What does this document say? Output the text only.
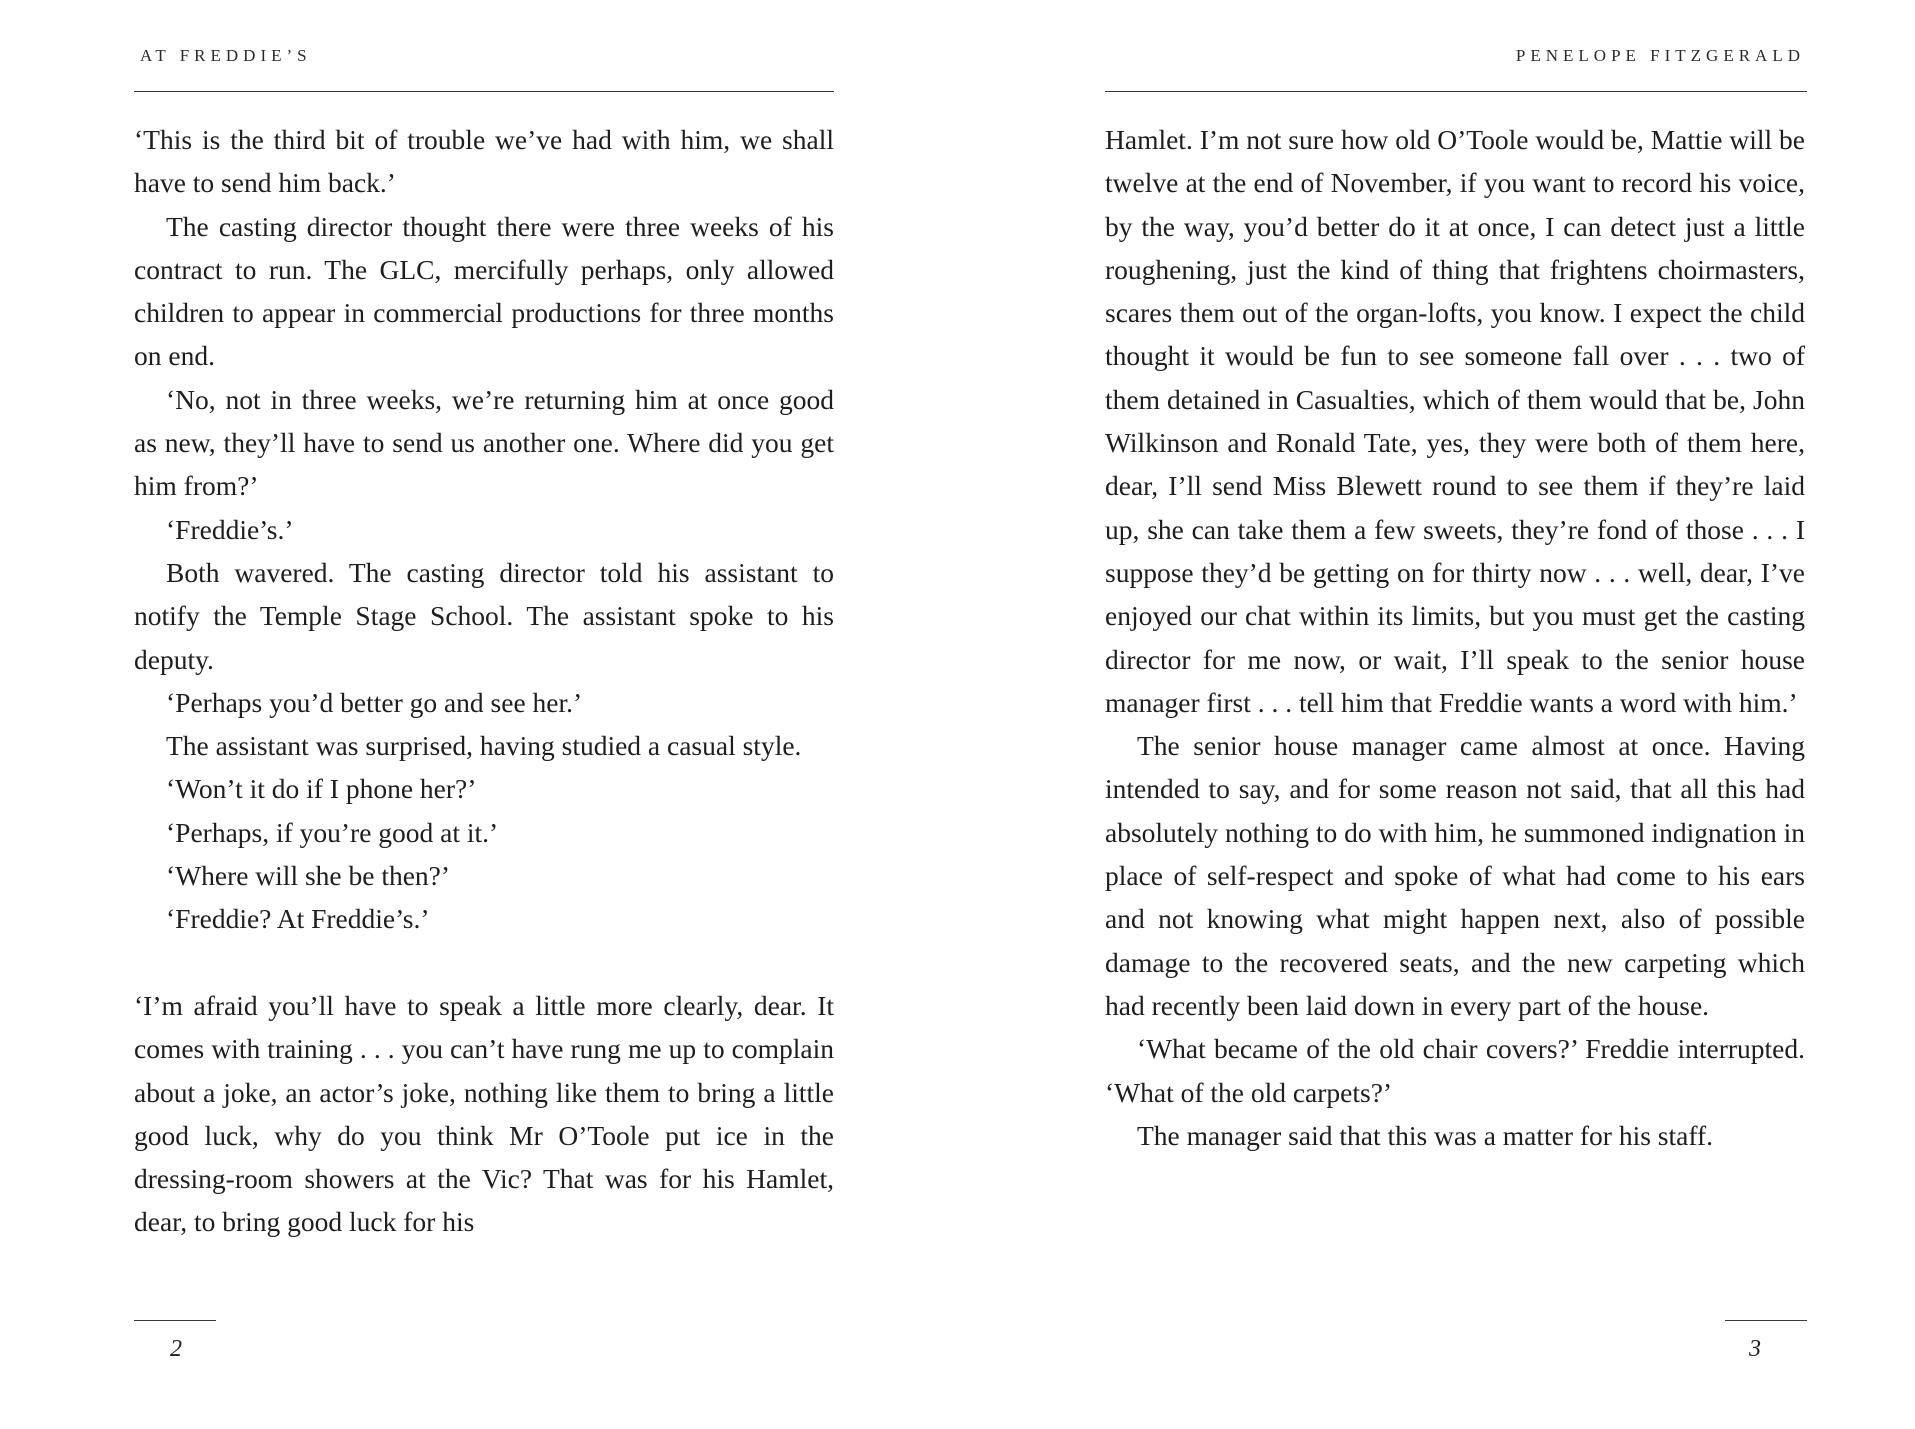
AT FREDDIE’S

‘This is the third bit of trouble we’ve had with him, we shall have to send him back.’

The casting director thought there were three weeks of his contract to run. The GLC, mercifully perhaps, only allowed children to appear in commercial productions for three months on end.

‘No, not in three weeks, we’re returning him at once good as new, they’ll have to send us another one. Where did you get him from?’

‘Freddie’s.’

Both wavered. The casting director told his assistant to notify the Temple Stage School. The assistant spoke to his deputy.

‘Perhaps you’d better go and see her.’

The assistant was surprised, having studied a casual style.

‘Won’t it do if I phone her?’

‘Perhaps, if you’re good at it.’

‘Where will she be then?’

‘Freddie? At Freddie’s.’

‘I’m afraid you’ll have to speak a little more clearly, dear. It comes with training . . . you can’t have rung me up to complain about a joke, an actor’s joke, nothing like them to bring a little good luck, why do you think Mr O’Toole put ice in the dressing-room showers at the Vic? That was for his Hamlet, dear, to bring good luck for his

2
PENELOPE FITZGERALD

Hamlet. I’m not sure how old O’Toole would be, Mattie will be twelve at the end of November, if you want to record his voice, by the way, you’d better do it at once, I can detect just a little roughening, just the kind of thing that frightens choirmasters, scares them out of the organ-lofts, you know. I expect the child thought it would be fun to see someone fall over . . . two of them detained in Casualties, which of them would that be, John Wilkinson and Ronald Tate, yes, they were both of them here, dear, I’ll send Miss Blewett round to see them if they’re laid up, she can take them a few sweets, they’re fond of those . . . I suppose they’d be getting on for thirty now . . . well, dear, I’ve enjoyed our chat within its limits, but you must get the casting director for me now, or wait, I’ll speak to the senior house manager first . . . tell him that Freddie wants a word with him.’

The senior house manager came almost at once. Having intended to say, and for some reason not said, that all this had absolutely nothing to do with him, he summoned indignation in place of self-respect and spoke of what had come to his ears and not knowing what might happen next, also of possible damage to the recovered seats, and the new carpeting which had recently been laid down in every part of the house.

‘What became of the old chair covers?’ Freddie interrupted. ‘What of the old carpets?’

The manager said that this was a matter for his staff.

3
